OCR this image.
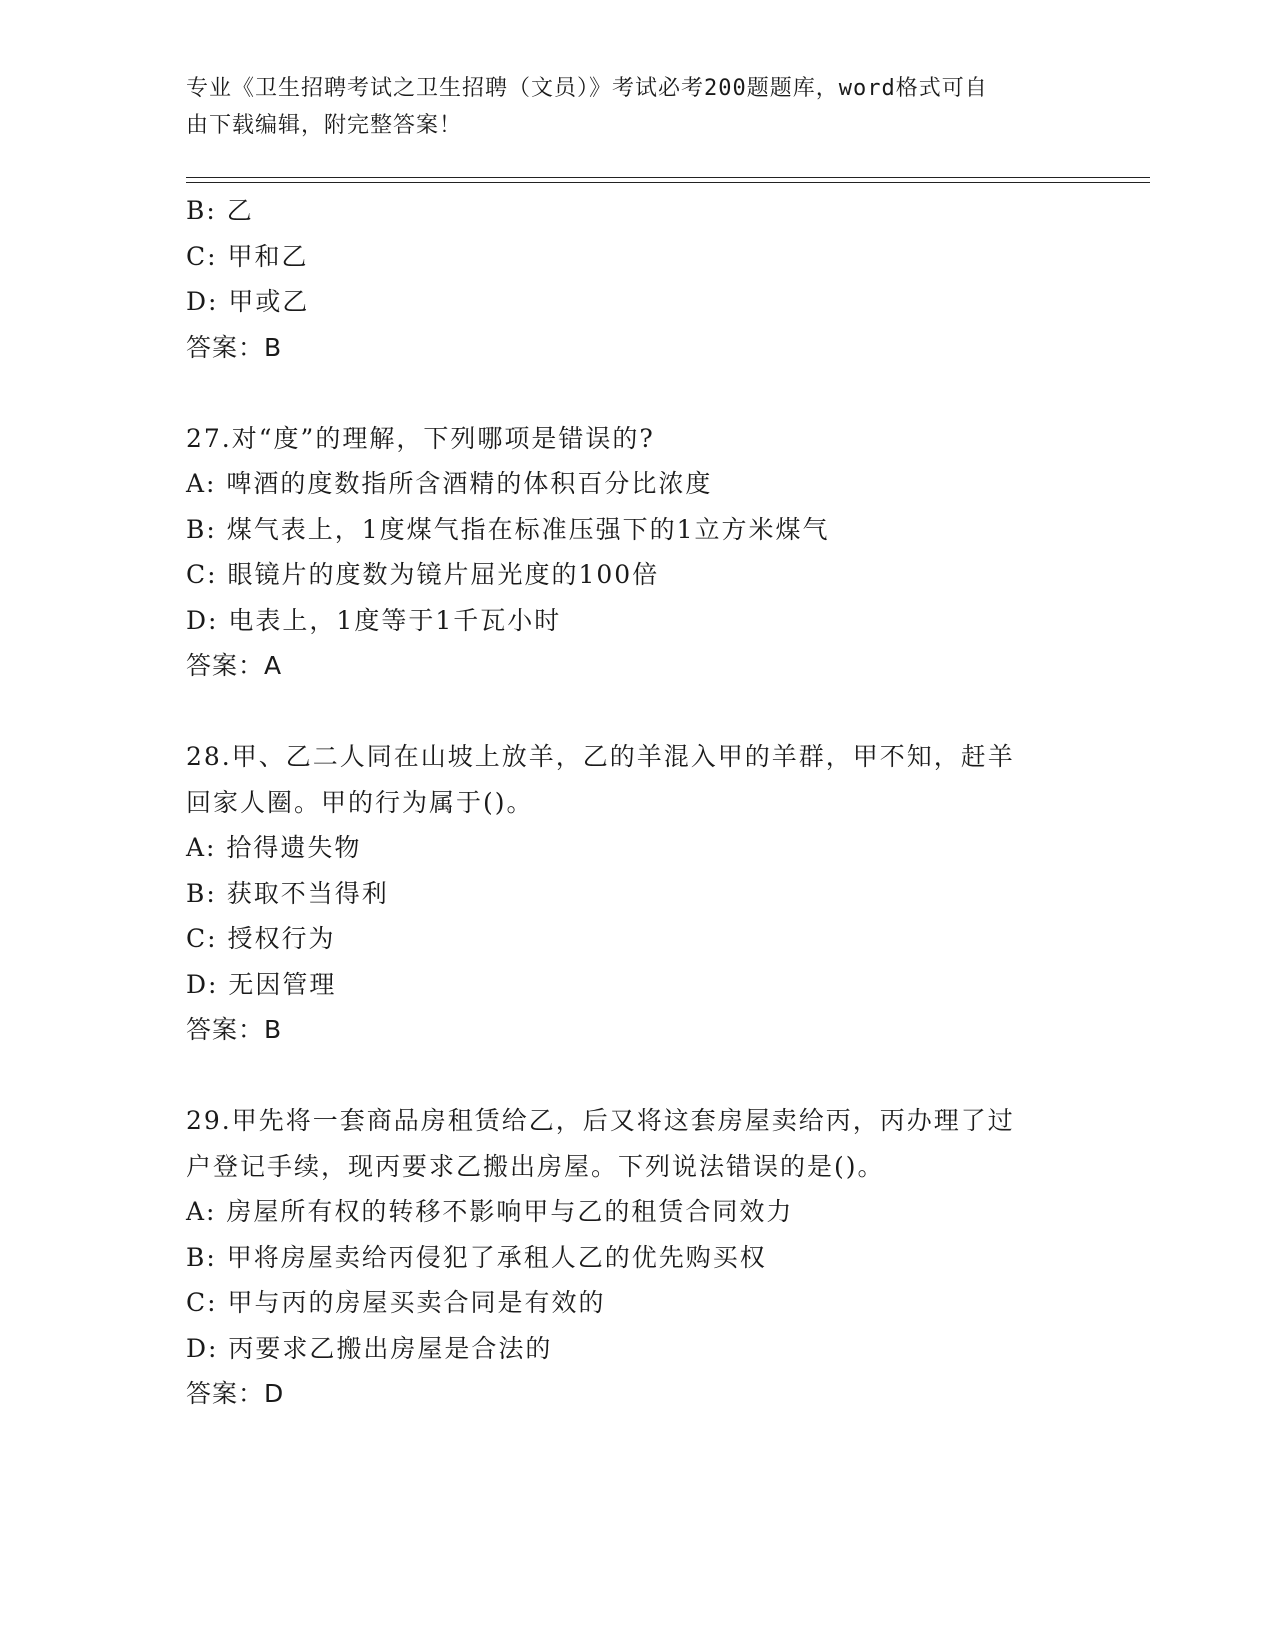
专业《卫生招聘考试之卫生招聘（文员）》考试必考200题题库，word格式可自
由下载编辑，附完整答案！
B: 乙
C: 甲和乙
D: 甲或乙
答案：B
27.对“度”的理解，下列哪项是错误的?
A: 啤酒的度数指所含酒精的体积百分比浓度
B: 煤气表上，1度煤气指在标准压强下的1立方米煤气
C: 眼镜片的度数为镜片屈光度的100倍
D: 电表上，1度等于1千瓦小时
答案：A
28.甲、乙二人同在山坡上放羊，乙的羊混入甲的羊群，甲不知，赶羊
回家人圈。甲的行为属于()。
A: 拾得遗失物
B: 获取不当得利
C: 授权行为
D: 无因管理
答案：B
29.甲先将一套商品房租赁给乙，后又将这套房屋卖给丙，丙办理了过
户登记手续，现丙要求乙搬出房屋。下列说法错误的是()。
A: 房屋所有权的转移不影响甲与乙的租赁合同效力
B: 甲将房屋卖给丙侵犯了承租人乙的优先购买权
C: 甲与丙的房屋买卖合同是有效的
D: 丙要求乙搬出房屋是合法的
答案：D
